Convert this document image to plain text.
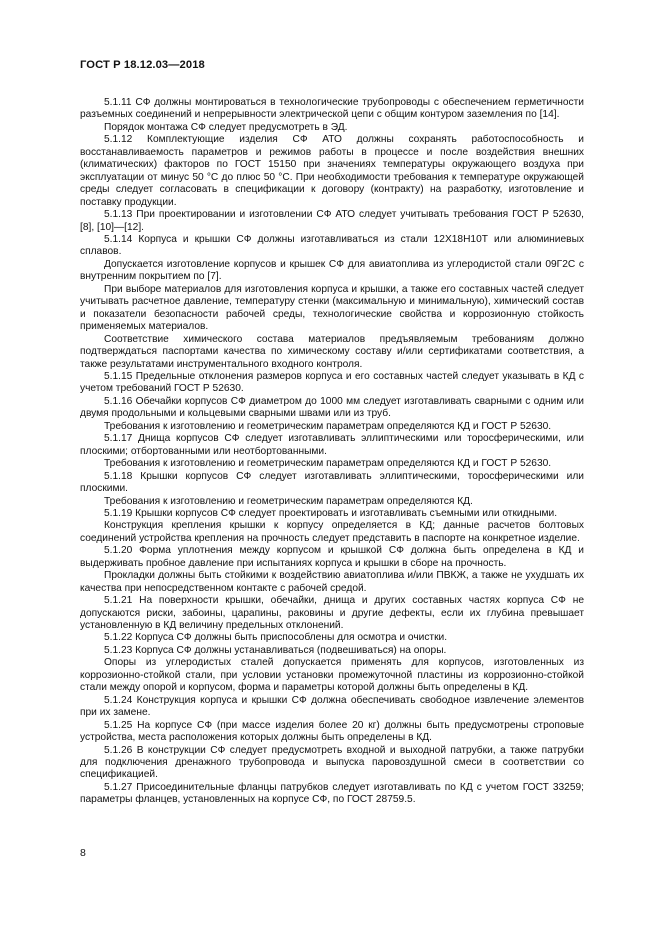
ГОСТ Р 18.12.03—2018

5.1.11 СФ должны монтироваться в технологические трубопроводы с обеспечением герметичности разъемных соединений и непрерывности электрической цепи с общим контуром заземления по [14].

Порядок монтажа СФ следует предусмотреть в ЭД.

5.1.12 Комплектующие изделия СФ АТО должны сохранять работоспособность и восстанавливаемость параметров и режимов работы в процессе и после воздействия внешних (климатических) факторов по ГОСТ 15150 при значениях температуры окружающего воздуха при эксплуатации от минус 50 °С до плюс 50 °С. При необходимости требования к температуре окружающей среды следует согласовать в спецификации к договору (контракту) на разработку, изготовление и поставку продукции.

5.1.13 При проектировании и изготовлении СФ АТО следует учитывать требования ГОСТ Р 52630, [8], [10]—[12].

5.1.14 Корпуса и крышки СФ должны изготавливаться из стали 12Х18Н10Т или алюминиевых сплавов.

Допускается изготовление корпусов и крышек СФ для авиатоплива из углеродистой стали 09Г2С с внутренним покрытием по [7].

При выборе материалов для изготовления корпуса и крышки, а также его составных частей следует учитывать расчетное давление, температуру стенки (максимальную и минимальную), химический состав и показатели безопасности рабочей среды, технологические свойства и коррозионную стойкость применяемых материалов.

Соответствие химического состава материалов предъявляемым требованиям должно подтверждаться паспортами качества по химическому составу и/или сертификатами соответствия, а также результатами инструментального входного контроля.

5.1.15 Предельные отклонения размеров корпуса и его составных частей следует указывать в КД с учетом требований ГОСТ Р 52630.

5.1.16 Обечайки корпусов СФ диаметром до 1000 мм следует изготавливать сварными с одним или двумя продольными и кольцевыми сварными швами или из труб.

Требования к изготовлению и геометрическим параметрам определяются КД и ГОСТ Р 52630.

5.1.17 Днища корпусов СФ следует изготавливать эллиптическими или торосферическими, или плоскими; отбортованными или неотбортованными.

Требования к изготовлению и геометрическим параметрам определяются КД и ГОСТ Р 52630.

5.1.18 Крышки корпусов СФ следует изготавливать эллиптическими, торосферическими или плоскими.

Требования к изготовлению и геометрическим параметрам определяются КД.

5.1.19 Крышки корпусов СФ следует проектировать и изготавливать съемными или откидными.

Конструкция крепления крышки к корпусу определяется в КД; данные расчетов болтовых соединений устройства крепления на прочность следует представить в паспорте на конкретное изделие.

5.1.20 Форма уплотнения между корпусом и крышкой СФ должна быть определена в КД и выдерживать пробное давление при испытаниях корпуса и крышки в сборе на прочность.

Прокладки должны быть стойкими к воздействию авиатоплива и/или ПВКЖ, а также не ухудшать их качества при непосредственном контакте с рабочей средой.

5.1.21 На поверхности крышки, обечайки, днища и других составных частях корпуса СФ не допускаются риски, забоины, царапины, раковины и другие дефекты, если их глубина превышает установленную в КД величину предельных отклонений.

5.1.22 Корпуса СФ должны быть приспособлены для осмотра и очистки.

5.1.23 Корпуса СФ должны устанавливаться (подвешиваться) на опоры.

Опоры из углеродистых сталей допускается применять для корпусов, изготовленных из коррозионно-стойкой стали, при условии установки промежуточной пластины из коррозионно-стойкой стали между опорой и корпусом, форма и параметры которой должны быть определены в КД.

5.1.24 Конструкция корпуса и крышки СФ должна обеспечивать свободное извлечение элементов при их замене.

5.1.25 На корпусе СФ (при массе изделия более 20 кг) должны быть предусмотрены строповые устройства, места расположения которых должны быть определены в КД.

5.1.26 В конструкции СФ следует предусмотреть входной и выходной патрубки, а также патрубки для подключения дренажного трубопровода и выпуска паровоздушной смеси в соответствии со спецификацией.

5.1.27 Присоединительные фланцы патрубков следует изготавливать по КД с учетом ГОСТ 33259; параметры фланцев, установленных на корпусе СФ, по ГОСТ 28759.5.

8
